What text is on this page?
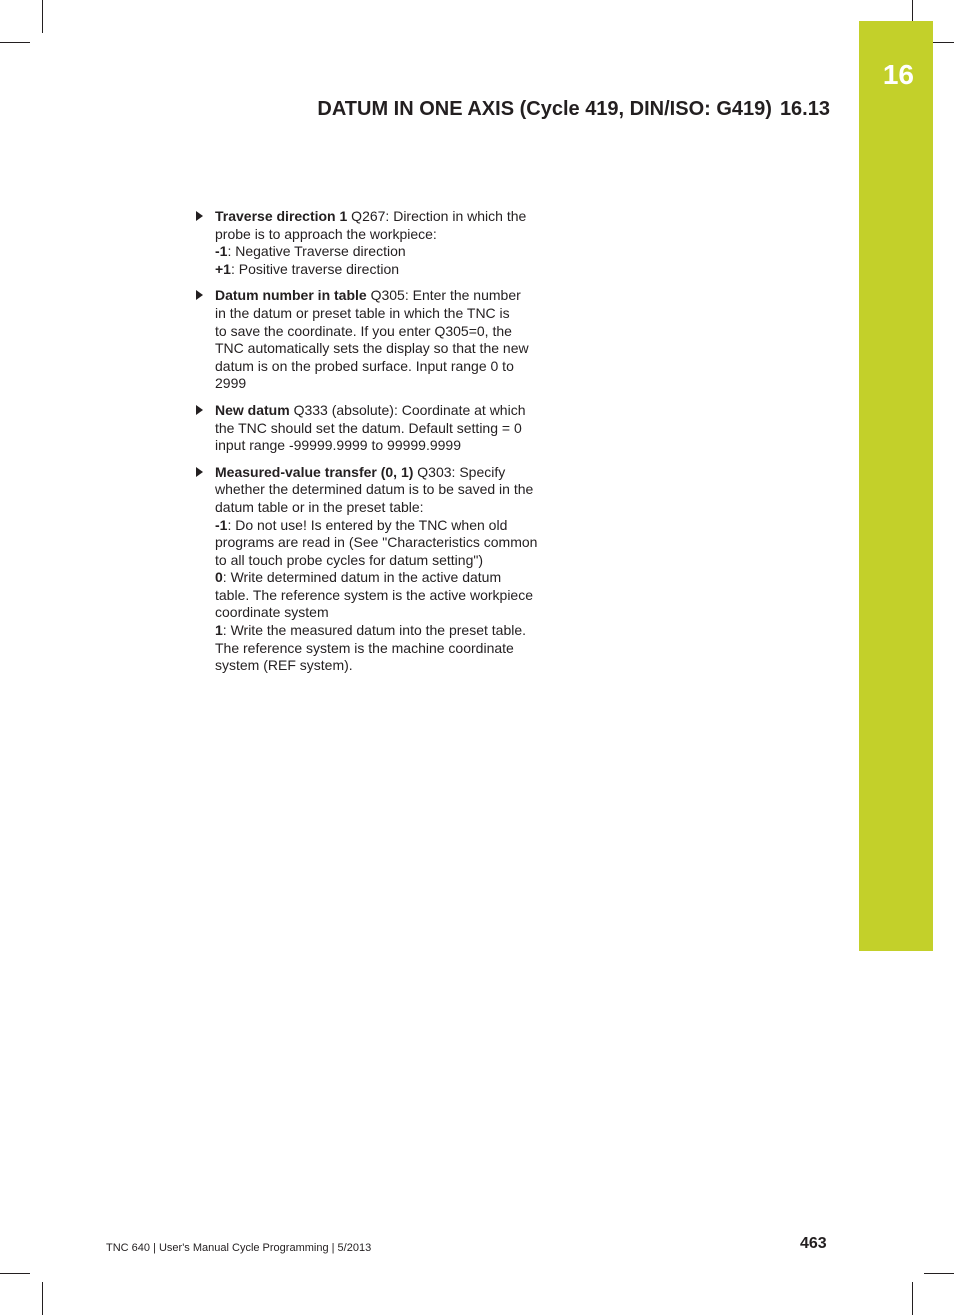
16
DATUM IN ONE AXIS (Cycle 419, DIN/ISO: G419) 16.13
Traverse direction 1 Q267: Direction in which the
probe is to approach the workpiece:
-1: Negative Traverse direction
+1: Positive traverse direction
Datum number in table Q305: Enter the number
in the datum or preset table in which the TNC is
to save the coordinate. If you enter Q305=0, the
TNC automatically sets the display so that the new
datum is on the probed surface. Input range 0 to
2999
New datum Q333 (absolute): Coordinate at which
the TNC should set the datum. Default setting = 0
input range -99999.9999 to 99999.9999
Measured-value transfer (0, 1) Q303: Specify
whether the determined datum is to be saved in the
datum table or in the preset table:
-1: Do not use! Is entered by the TNC when old
programs are read in (See "Characteristics common
to all touch probe cycles for datum setting")
0: Write determined datum in the active datum
table. The reference system is the active workpiece
coordinate system
1: Write the measured datum into the preset table.
The reference system is the machine coordinate
system (REF system).
TNC 640 | User's Manual Cycle Programming | 5/2013	463
